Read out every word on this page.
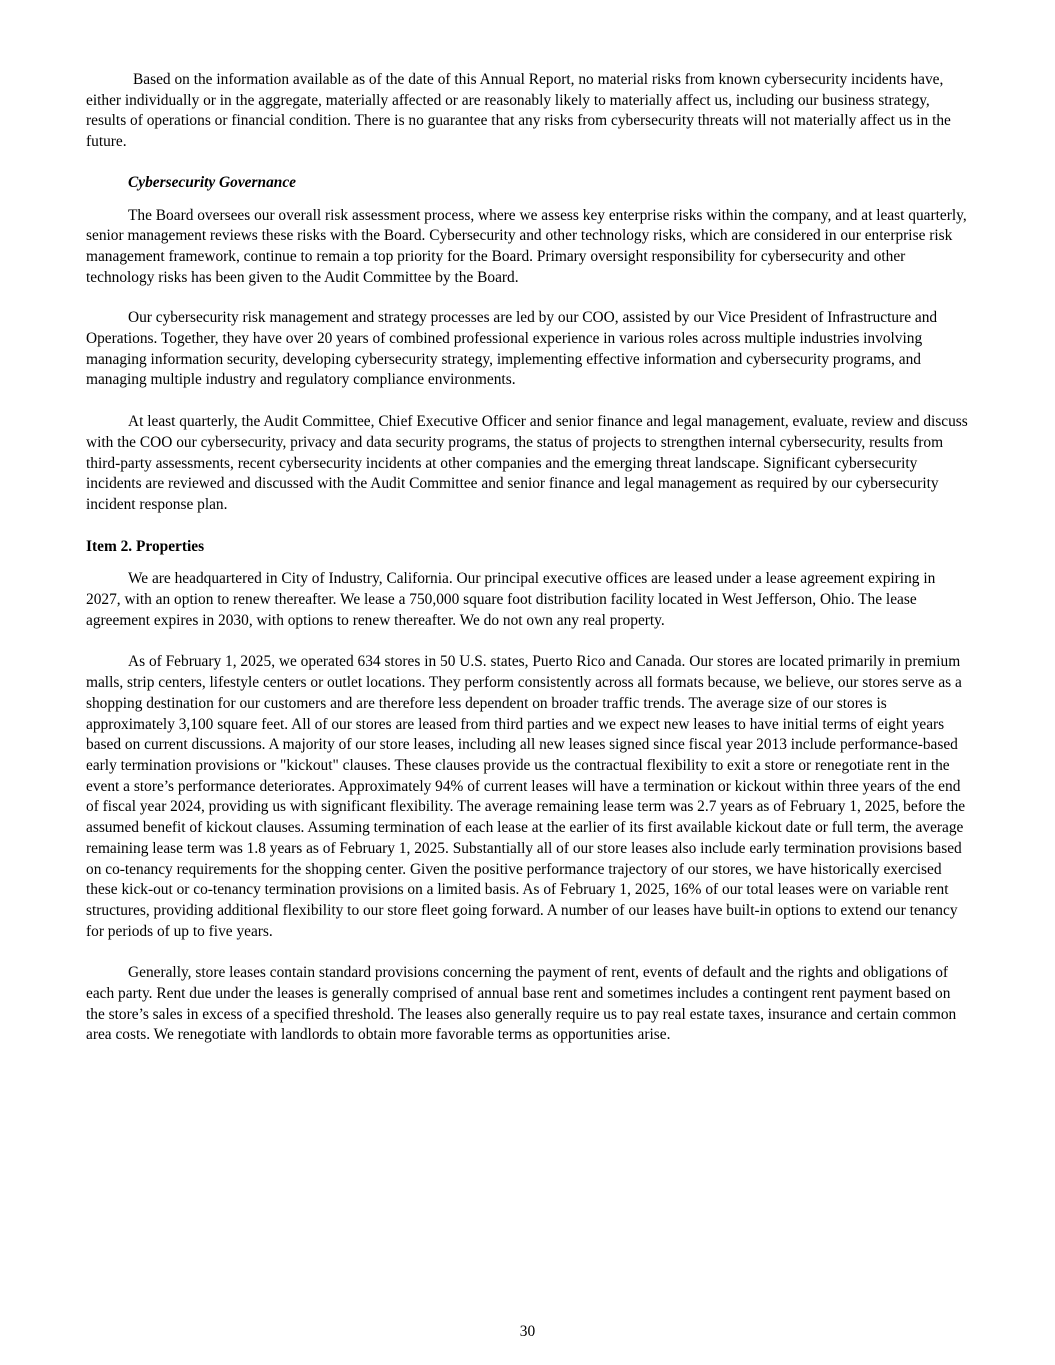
Based on the information available as of the date of this Annual Report, no material risks from known cybersecurity incidents have, either individually or in the aggregate, materially affected or are reasonably likely to materially affect us, including our business strategy, results of operations or financial condition. There is no guarantee that any risks from cybersecurity threats will not materially affect us in the future.

Cybersecurity Governance

The Board oversees our overall risk assessment process, where we assess key enterprise risks within the company, and at least quarterly, senior management reviews these risks with the Board. Cybersecurity and other technology risks, which are considered in our enterprise risk management framework, continue to remain a top priority for the Board. Primary oversight responsibility for cybersecurity and other technology risks has been given to the Audit Committee by the Board.

Our cybersecurity risk management and strategy processes are led by our COO, assisted by our Vice President of Infrastructure and Operations. Together, they have over 20 years of combined professional experience in various roles across multiple industries involving managing information security, developing cybersecurity strategy, implementing effective information and cybersecurity programs, and managing multiple industry and regulatory compliance environments.

At least quarterly, the Audit Committee, Chief Executive Officer and senior finance and legal management, evaluate, review and discuss with the COO our cybersecurity, privacy and data security programs, the status of projects to strengthen internal cybersecurity, results from third-party assessments, recent cybersecurity incidents at other companies and the emerging threat landscape. Significant cybersecurity incidents are reviewed and discussed with the Audit Committee and senior finance and legal management as required by our cybersecurity incident response plan.

Item 2. Properties

We are headquartered in City of Industry, California. Our principal executive offices are leased under a lease agreement expiring in 2027, with an option to renew thereafter. We lease a 750,000 square foot distribution facility located in West Jefferson, Ohio. The lease agreement expires in 2030, with options to renew thereafter. We do not own any real property.

As of February 1, 2025, we operated 634 stores in 50 U.S. states, Puerto Rico and Canada. Our stores are located primarily in premium malls, strip centers, lifestyle centers or outlet locations. They perform consistently across all formats because, we believe, our stores serve as a shopping destination for our customers and are therefore less dependent on broader traffic trends. The average size of our stores is approximately 3,100 square feet. All of our stores are leased from third parties and we expect new leases to have initial terms of eight years based on current discussions. A majority of our store leases, including all new leases signed since fiscal year 2013 include performance-based early termination provisions or "kickout" clauses. These clauses provide us the contractual flexibility to exit a store or renegotiate rent in the event a store’s performance deteriorates. Approximately 94% of current leases will have a termination or kickout within three years of the end of fiscal year 2024, providing us with significant flexibility. The average remaining lease term was 2.7 years as of February 1, 2025, before the assumed benefit of kickout clauses. Assuming termination of each lease at the earlier of its first available kickout date or full term, the average remaining lease term was 1.8 years as of February 1, 2025. Substantially all of our store leases also include early termination provisions based on co-tenancy requirements for the shopping center. Given the positive performance trajectory of our stores, we have historically exercised these kick-out or co-tenancy termination provisions on a limited basis. As of February 1, 2025, 16% of our total leases were on variable rent structures, providing additional flexibility to our store fleet going forward. A number of our leases have built-in options to extend our tenancy for periods of up to five years.

Generally, store leases contain standard provisions concerning the payment of rent, events of default and the rights and obligations of each party. Rent due under the leases is generally comprised of annual base rent and sometimes includes a contingent rent payment based on the store’s sales in excess of a specified threshold. The leases also generally require us to pay real estate taxes, insurance and certain common area costs. We renegotiate with landlords to obtain more favorable terms as opportunities arise.

30
